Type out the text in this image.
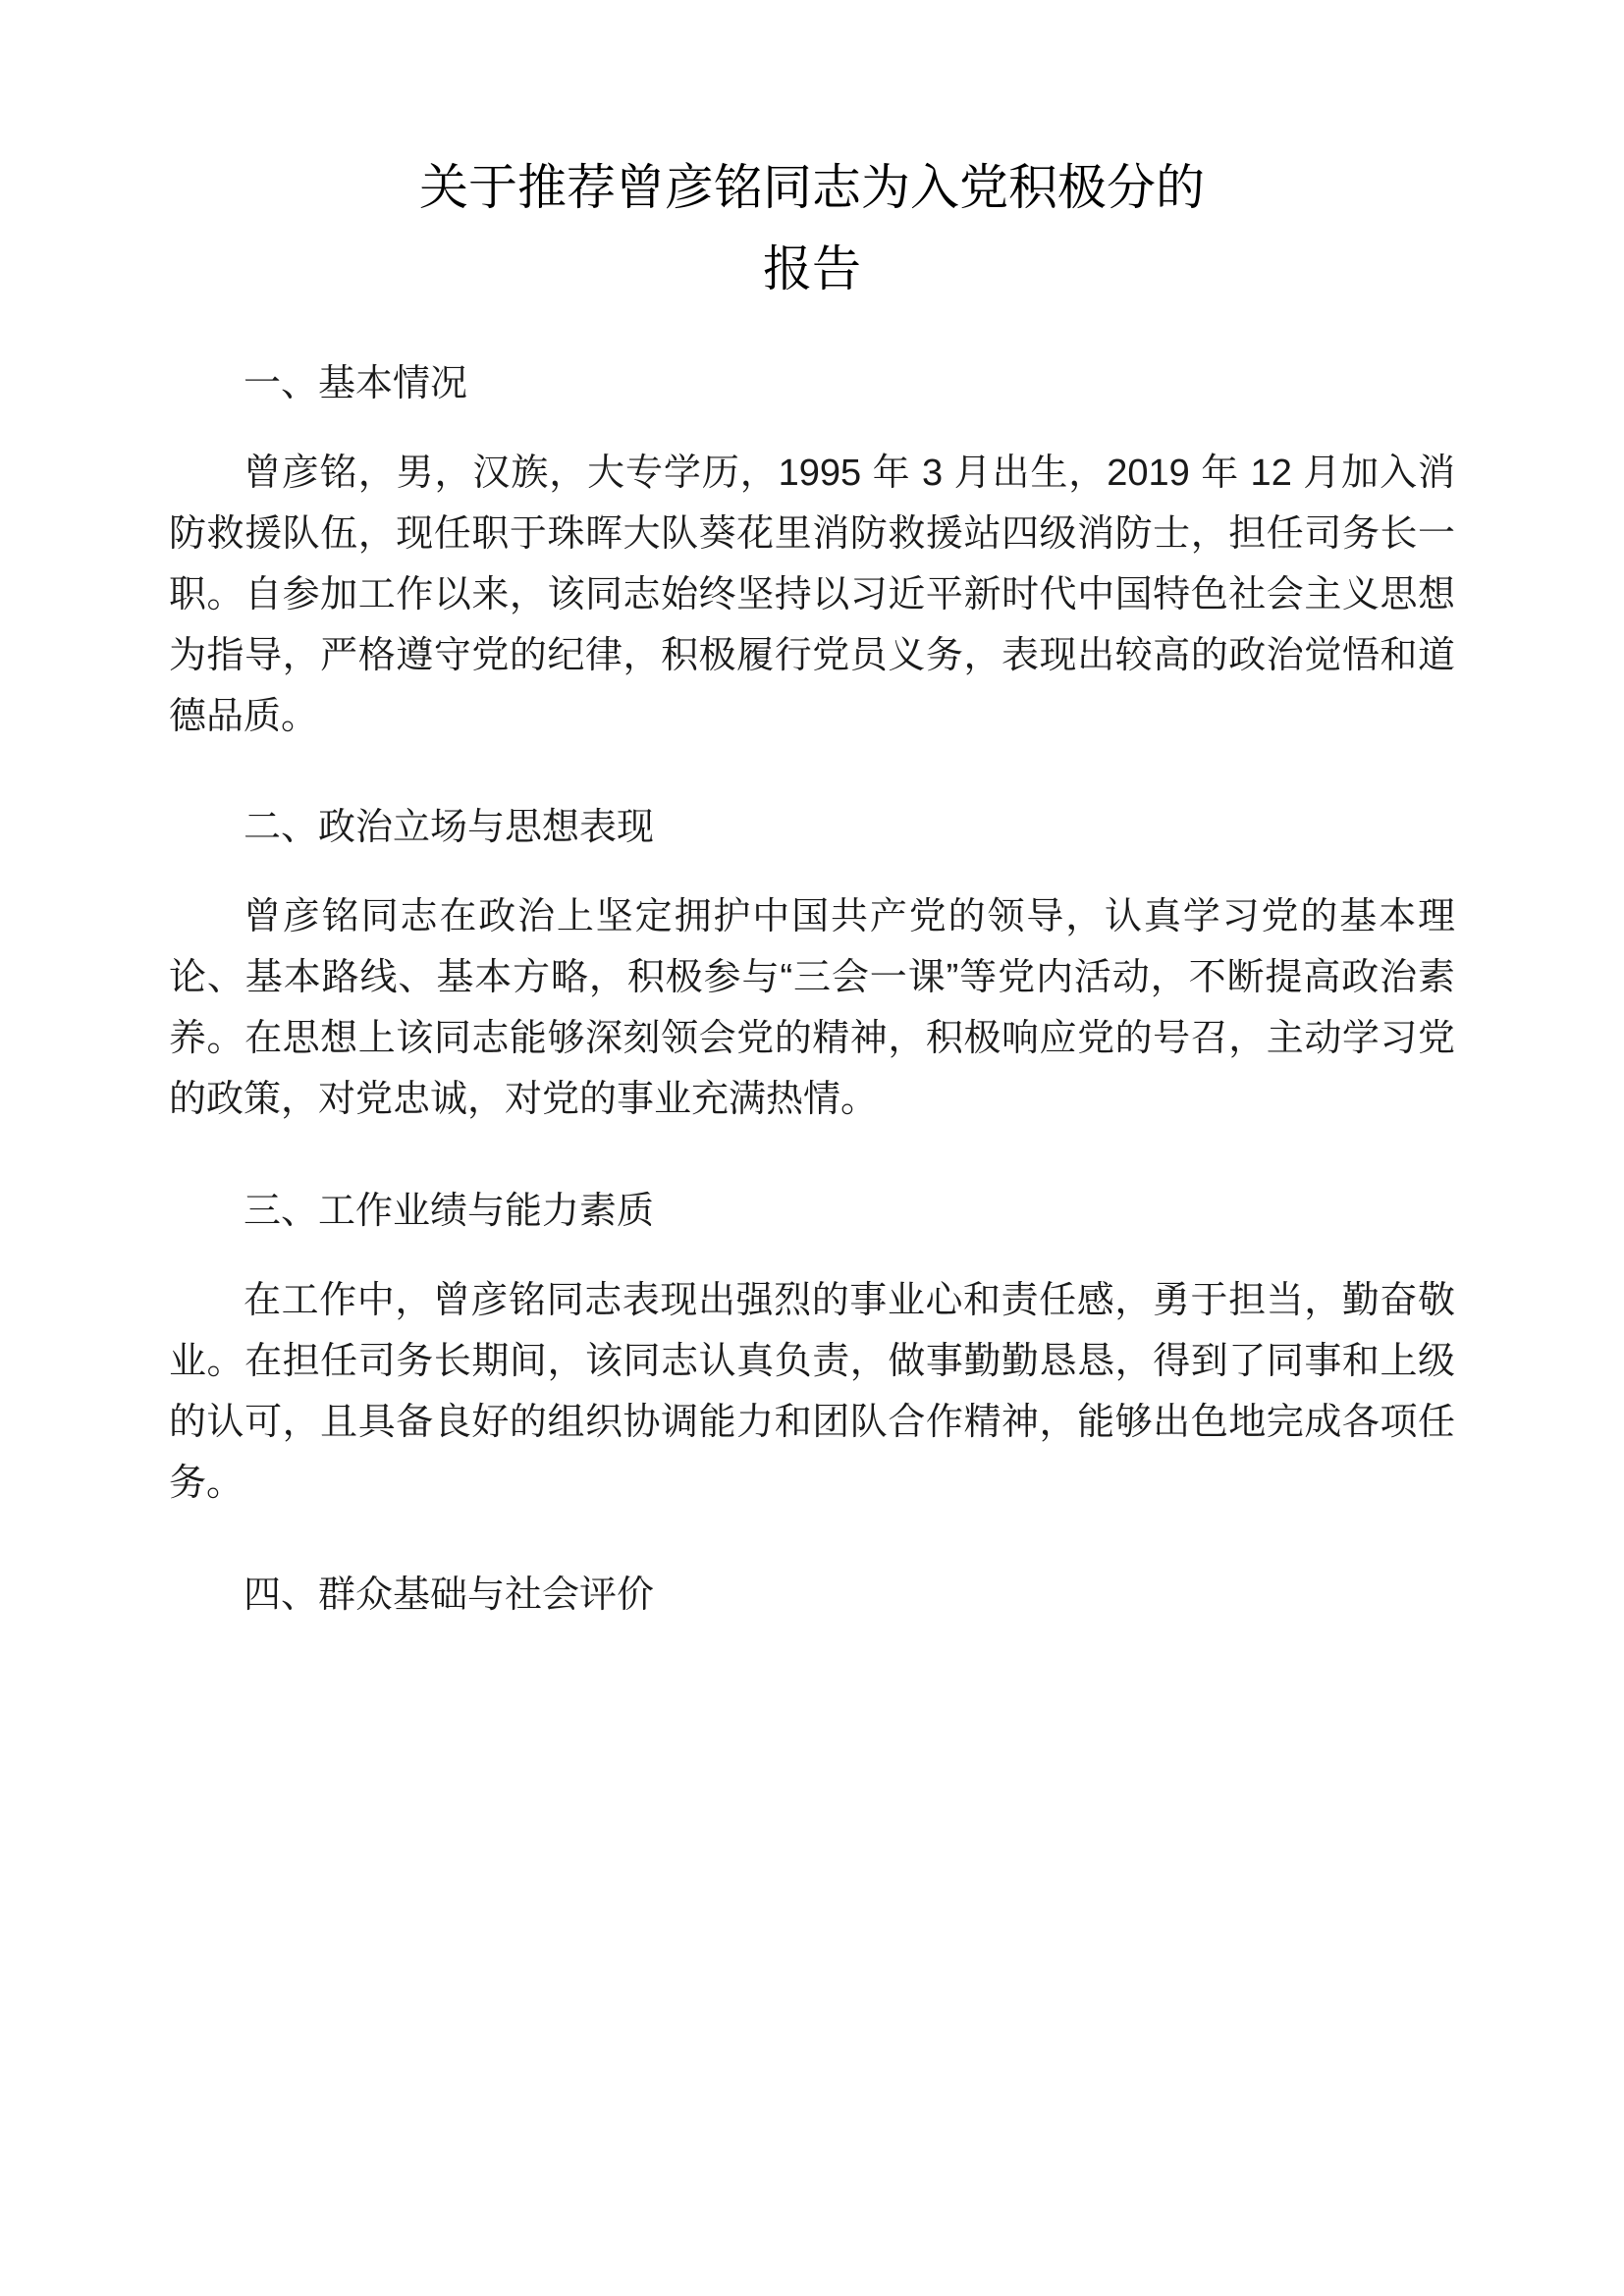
关于推荐曾彦铭同志为入党积极分的
报告
一、基本情况

曾彦铭，男，汉族，大专学历，1995 年 3 月出生，2019 年 12 月加入消防救援队伍，现任职于珠晖大队葵花里消防救援站四级消防士，担任司务长一职。自参加工作以来，该同志始终坚持以习近平新时代中国特色社会主义思想为指导，严格遵守党的纪律，积极履行党员义务，表现出较高的政治觉悟和道德品质。

二、政治立场与思想表现

曾彦铭同志在政治上坚定拥护中国共产党的领导，认真学习党的基本理论、基本路线、基本方略，积极参与“三会一课”等党内活动，不断提高政治素养。在思想上该同志能够深刻领会党的精神，积极响应党的号召，主动学习党的政策，对党忠诚，对党的事业充满热情。

三、工作业绩与能力素质

在工作中，曾彦铭同志表现出强烈的事业心和责任感，勇于担当，勤奋敬业。在担任司务长期间，该同志认真负责，做事勤勤恳恳，得到了同事和上级的认可，且具备良好的组织协调能力和团队合作精神，能够出色地完成各项任务。

四、群众基础与社会评价
